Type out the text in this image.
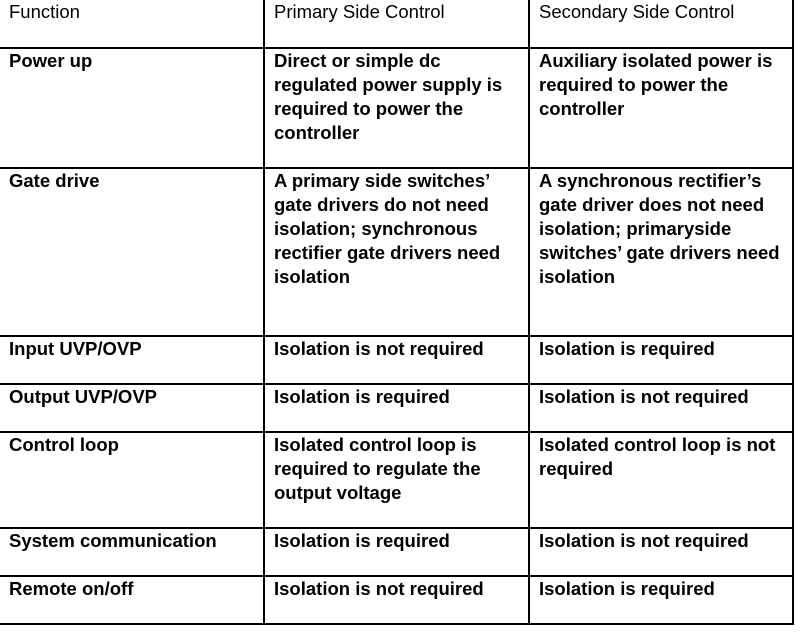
Function	Primary Side Control	Secondary Side Control
Power up	Direct or simple dc regulated power supply is required to power the controller	Auxiliary isolated power is required to power the controller
Gate drive	A primary side switches’ gate drivers do not need isolation; synchronous rectifier gate drivers need isolation	A synchronous rectifier’s gate driver does not need isolation; primaryside switches’ gate drivers need isolation
Input UVP/OVP	Isolation is not required	Isolation is required
Output UVP/OVP	Isolation is required	Isolation is not required
Control loop	Isolated control loop is required to regulate the output voltage	Isolated control loop is not required
System communication	Isolation is required	Isolation is not required
Remote on/off	Isolation is not required	Isolation is required
